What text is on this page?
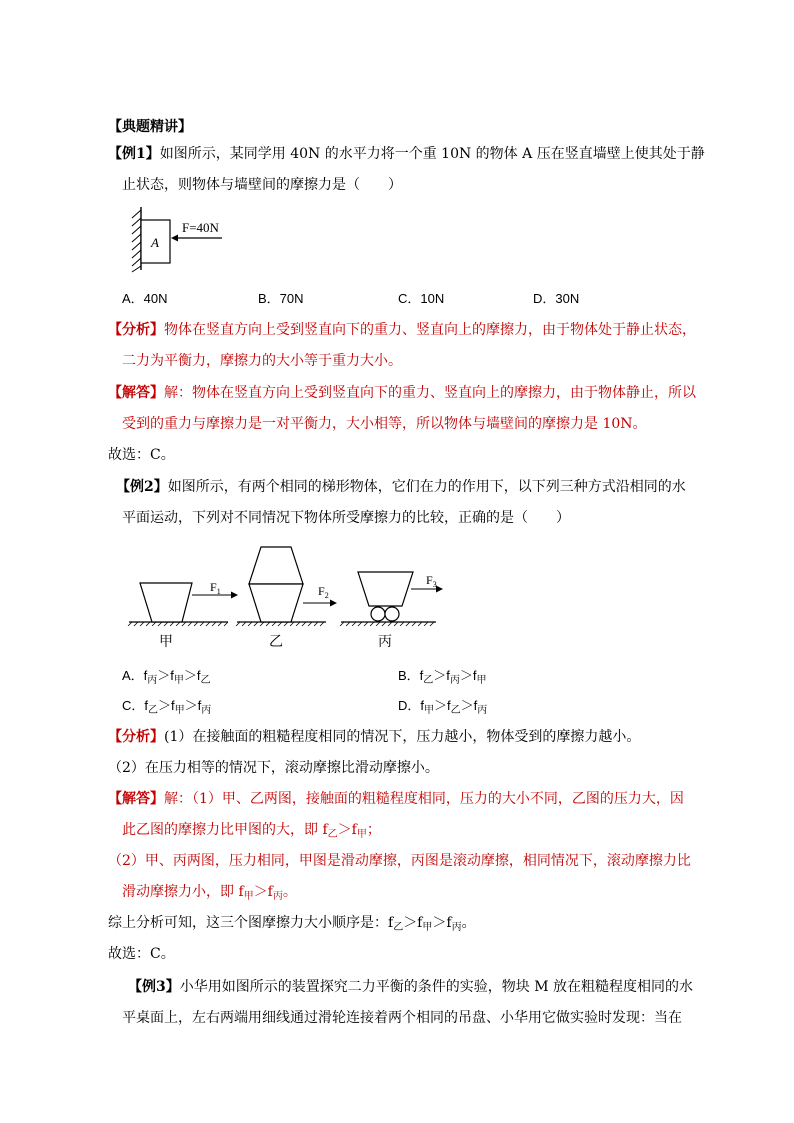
【典题精讲】
【例1】如图所示，某同学用 40N 的水平力将一个重 10N 的物体 A 压在竖直墙壁上使其处于静
止状态，则物体与墙壁间的摩擦力是（　　）
A
F=40N
A．40N	B．70N	C．10N	D．30N
【分析】物体在竖直方向上受到竖直向下的重力、竖直向上的摩擦力，由于物体处于静止状态，
二力为平衡力，摩擦力的大小等于重力大小。
【解答】解：物体在竖直方向上受到竖直向下的重力、竖直向上的摩擦力，由于物体静止，所以
受到的重力与摩擦力是一对平衡力，大小相等，所以物体与墙壁间的摩擦力是 10N。
故选：C。
【例2】如图所示，有两个相同的梯形物体，它们在力的作用下，以下列三种方式沿相同的水
平面运动，下列对不同情况下物体所受摩擦力的比较，正确的是（　　）
$F_1$
甲
$F_2$
乙
$F_3$
丙
A．$f_丙>f_甲>f_乙$	B．$f_乙>f_丙>f_甲$
C．$f_乙>f_甲>f_丙$	D．$f_甲>f_乙>f_丙$
【分析】(1）在接触面的粗糙程度相同的情况下，压力越小，物体受到的摩擦力越小。
（2）在压力相等的情况下，滚动摩擦比滑动摩擦小。
【解答】解：（1）甲、乙两图，接触面的粗糙程度相同，压力的大小不同，乙图的压力大，因
此乙图的摩擦力比甲图的大，即 $f_乙>f_甲$；
（2）甲、丙两图，压力相同，甲图是滑动摩擦，丙图是滚动摩擦，相同情况下，滚动摩擦力比
滑动摩擦力小，即 $f_甲>f_丙$。
综上分析可知，这三个图摩擦力大小顺序是：$f_乙>f_甲>f_丙$。
故选：C。
【例3】小华用如图所示的装置探究二力平衡的条件的实验，物块 M 放在粗糙程度相同的水
平桌面上，左右两端用细线通过滑轮连接着两个相同的吊盘、小华用它做实验时发现：当在
